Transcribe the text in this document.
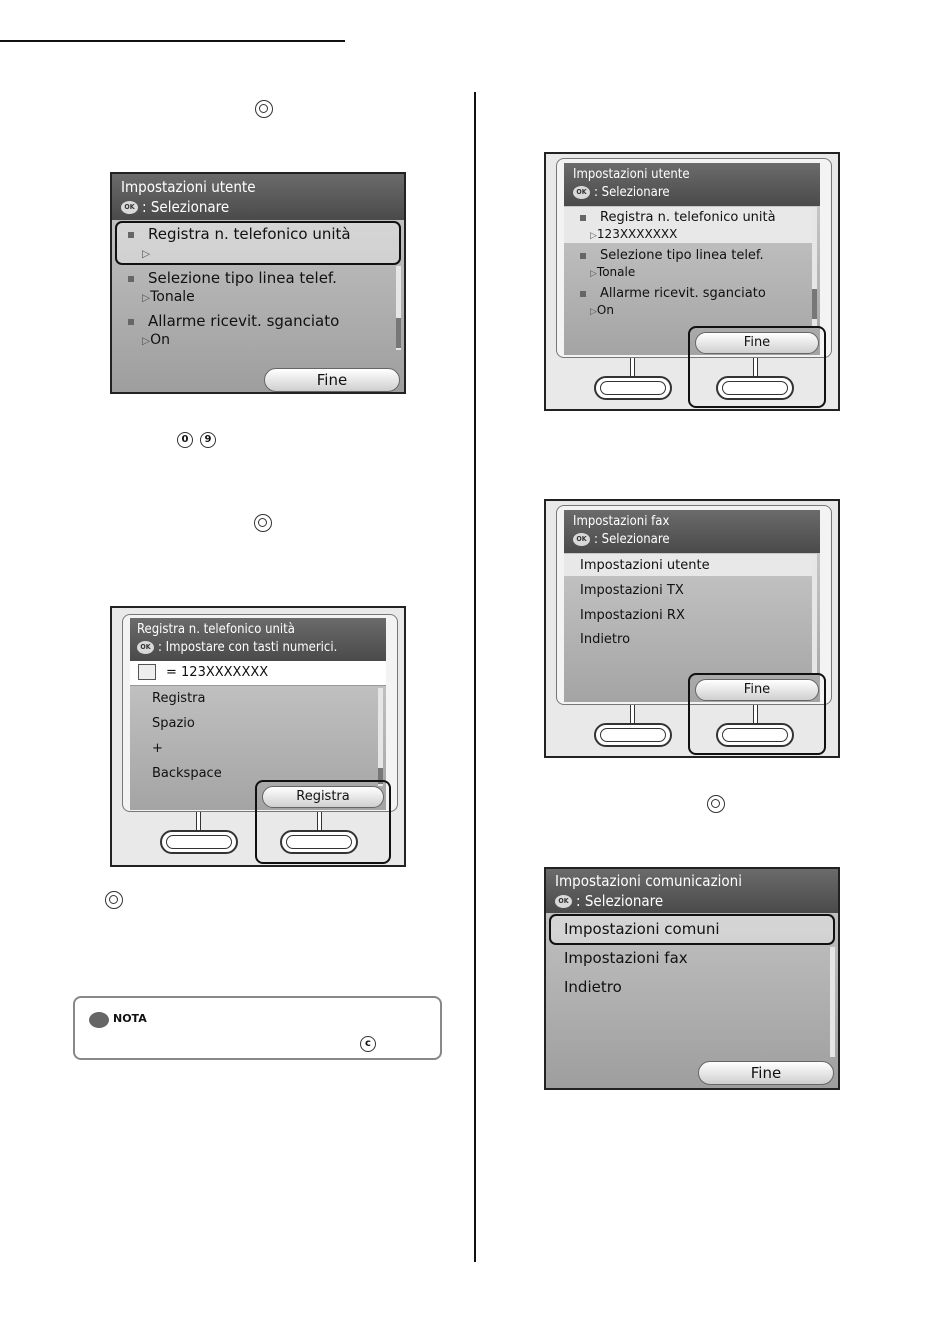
0	9
Impostazioni utente
OK : Selezionare
Registra n. telefonico unità
▷
Selezione tipo linea telef.
▷Tonale
Allarme ricevit. sganciato
▷On
Fine
Registra n. telefonico unità
OK : Impostare con tasti numerici.
= 123XXXXXXX
Registra
Spazio
+
Backspace
Registra
NOTA
c
Impostazioni utente
OK : Selezionare
Registra n. telefonico unità
▷123XXXXXXX
Selezione tipo linea telef.
▷Tonale
Allarme ricevit. sganciato
▷On
Fine
Impostazioni fax
OK : Selezionare
Impostazioni utente
Impostazioni TX
Impostazioni RX
Indietro
Fine
Impostazioni comunicazioni
OK : Selezionare
Impostazioni comuni
Impostazioni fax
Indietro
Fine
